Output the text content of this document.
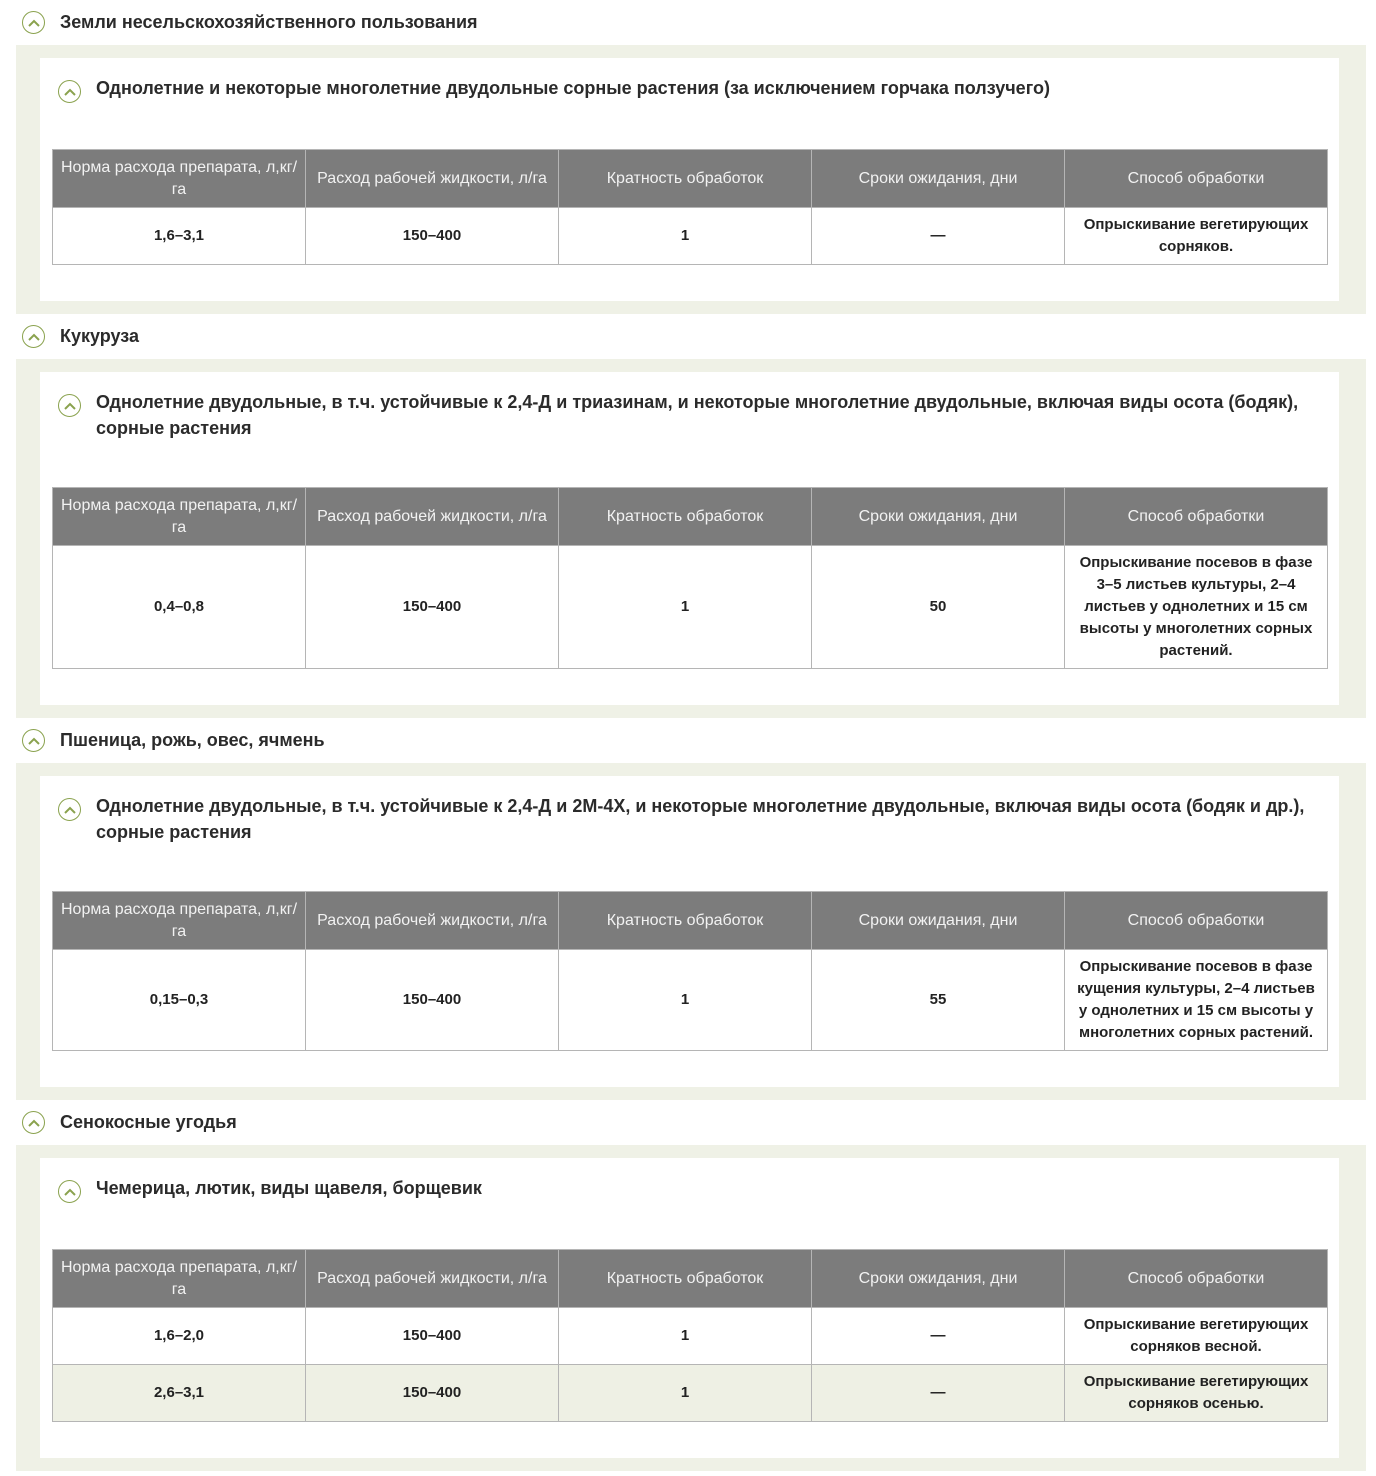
Земли несельскохозяйственного пользования
Однолетние и некоторые многолетние двудольные сорные растения (за исключением горчака ползучего)
Норма расхода препарата, л,кг/га	Расход рабочей жидкости, л/га	Кратность обработок	Сроки ожидания, дни	Способ обработки
1,6–3,1	150–400	1	—	Опрыскивание вегетирующих сорняков.
Кукуруза
Однолетние двудольные, в т.ч. устойчивые к 2,4-Д и триазинам, и некоторые многолетние двудольные, включая виды осота (бодяк), сорные растения
Норма расхода препарата, л,кг/га	Расход рабочей жидкости, л/га	Кратность обработок	Сроки ожидания, дни	Способ обработки
0,4–0,8	150–400	1	50	Опрыскивание посевов в фазе 3–5 листьев культуры, 2–4 листьев у однолетних и 15 см высоты у многолетних сорных растений.
Пшеница, рожь, овес, ячмень
Однолетние двудольные, в т.ч. устойчивые к 2,4-Д и 2М-4Х, и некоторые многолетние двудольные, включая виды осота (бодяк и др.), сорные растения
Норма расхода препарата, л,кг/га	Расход рабочей жидкости, л/га	Кратность обработок	Сроки ожидания, дни	Способ обработки
0,15–0,3	150–400	1	55	Опрыскивание посевов в фазе кущения культуры, 2–4 листьев у однолетних и 15 см высоты у многолетних сорных растений.
Сенокосные угодья
Чемерица, лютик, виды щавеля, борщевик
Норма расхода препарата, л,кг/га	Расход рабочей жидкости, л/га	Кратность обработок	Сроки ожидания, дни	Способ обработки
1,6–2,0	150–400	1	—	Опрыскивание вегетирующих сорняков весной.
2,6–3,1	150–400	1	—	Опрыскивание вегетирующих сорняков осенью.
